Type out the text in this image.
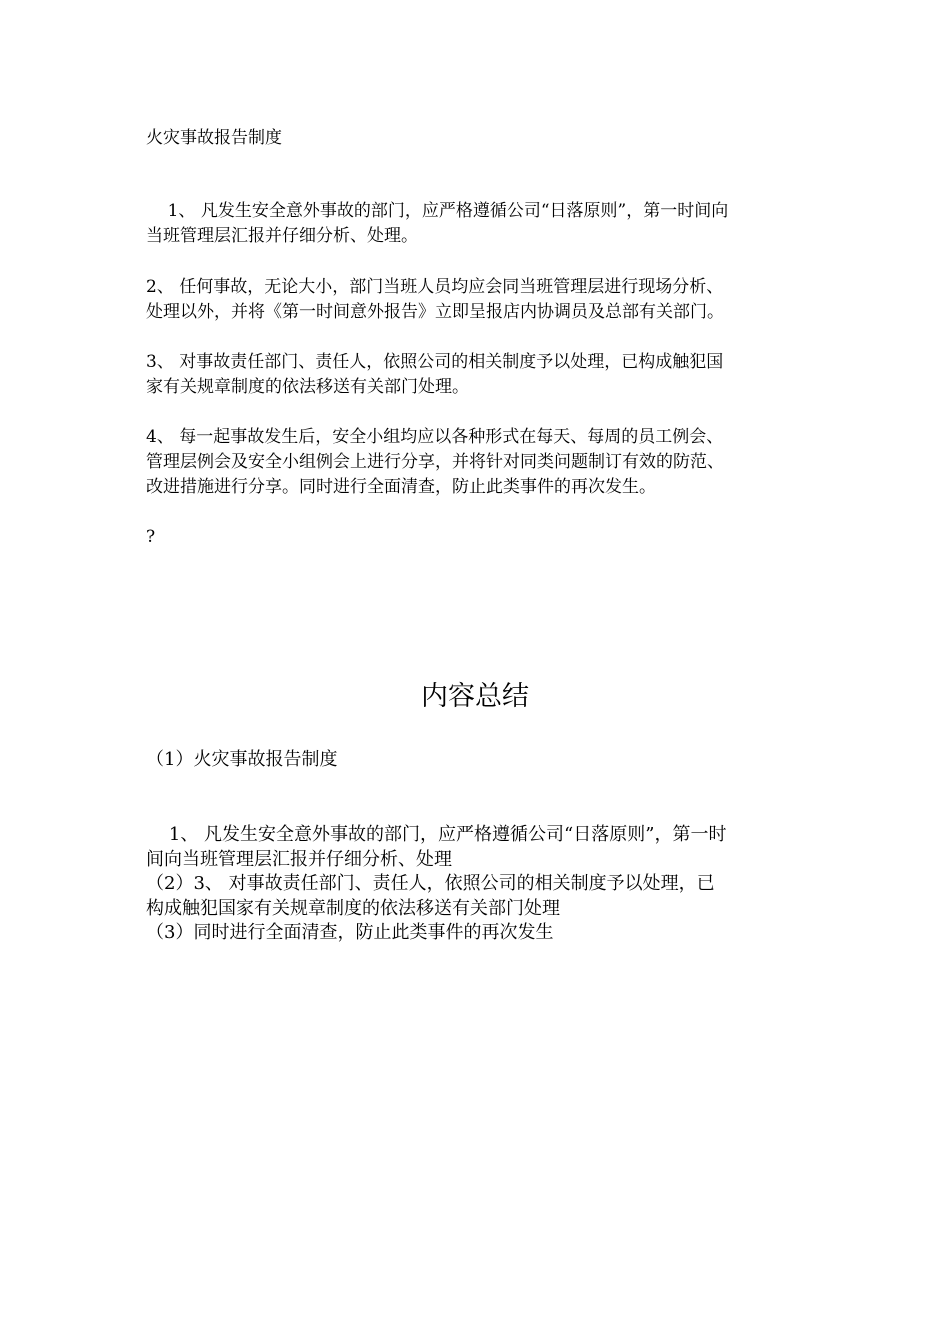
火灾事故报告制度
1、 凡发生安全意外事故的部门，应严格遵循公司“日落原则”，第一时间向
当班管理层汇报并仔细分析、处理。
2、 任何事故，无论大小，部门当班人员均应会同当班管理层进行现场分析、
处理以外，并将《第一时间意外报告》立即呈报店内协调员及总部有关部门。
3、 对事故责任部门、责任人，依照公司的相关制度予以处理，已构成触犯国
家有关规章制度的依法移送有关部门处理。
4、 每一起事故发生后，安全小组均应以各种形式在每天、每周的员工例会、
管理层例会及安全小组例会上进行分享，并将针对同类问题制订有效的防范、
改进措施进行分享。同时进行全面清查，防止此类事件的再次发生。
?
内容总结
（1）火灾事故报告制度
1、 凡发生安全意外事故的部门，应严格遵循公司“日落原则”，第一时
间向当班管理层汇报并仔细分析、处理
（2）3、 对事故责任部门、责任人，依照公司的相关制度予以处理，已
构成触犯国家有关规章制度的依法移送有关部门处理
（3）同时进行全面清查，防止此类事件的再次发生
